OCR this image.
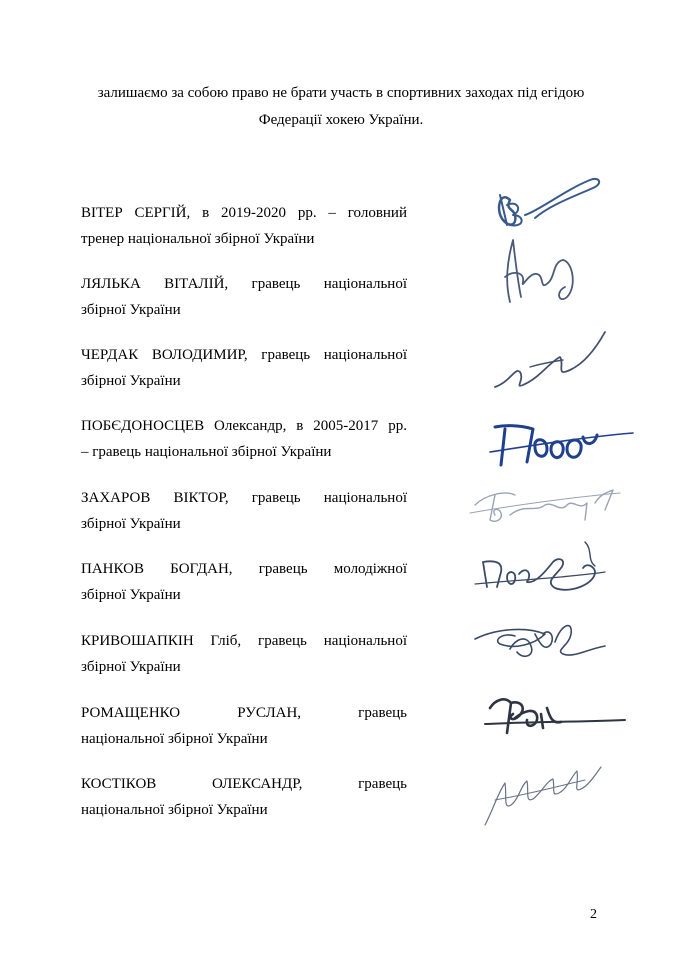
залишаємо за собою право не брати участь в спортивних заходах під егідою

Федерації хокею України.

ВІТЕР СЕРГІЙ, в 2019-2020 рр. – головний
тренер національної збірної України
ЛЯЛЬКА ВІТАЛІЙ, гравець національної
збірної України
ЧЕРДАК ВОЛОДИМИР, гравець національної
збірної України
ПОБЄДОНОСЦЕВ Олександр, в 2005-2017 рр.
– гравець національної збірної України
ЗАХАРОВ ВІКТОР, гравець національної
збірної України
ПАНКОВ БОГДАН, гравець молодіжної
збірної України
КРИВОШАПКІН Гліб, гравець національної
збірної України
РОМАЩЕНКО РУСЛАН, гравець
національної збірної України
КОСТІКОВ ОЛЕКСАНДР, гравець
національної збірної України
2
